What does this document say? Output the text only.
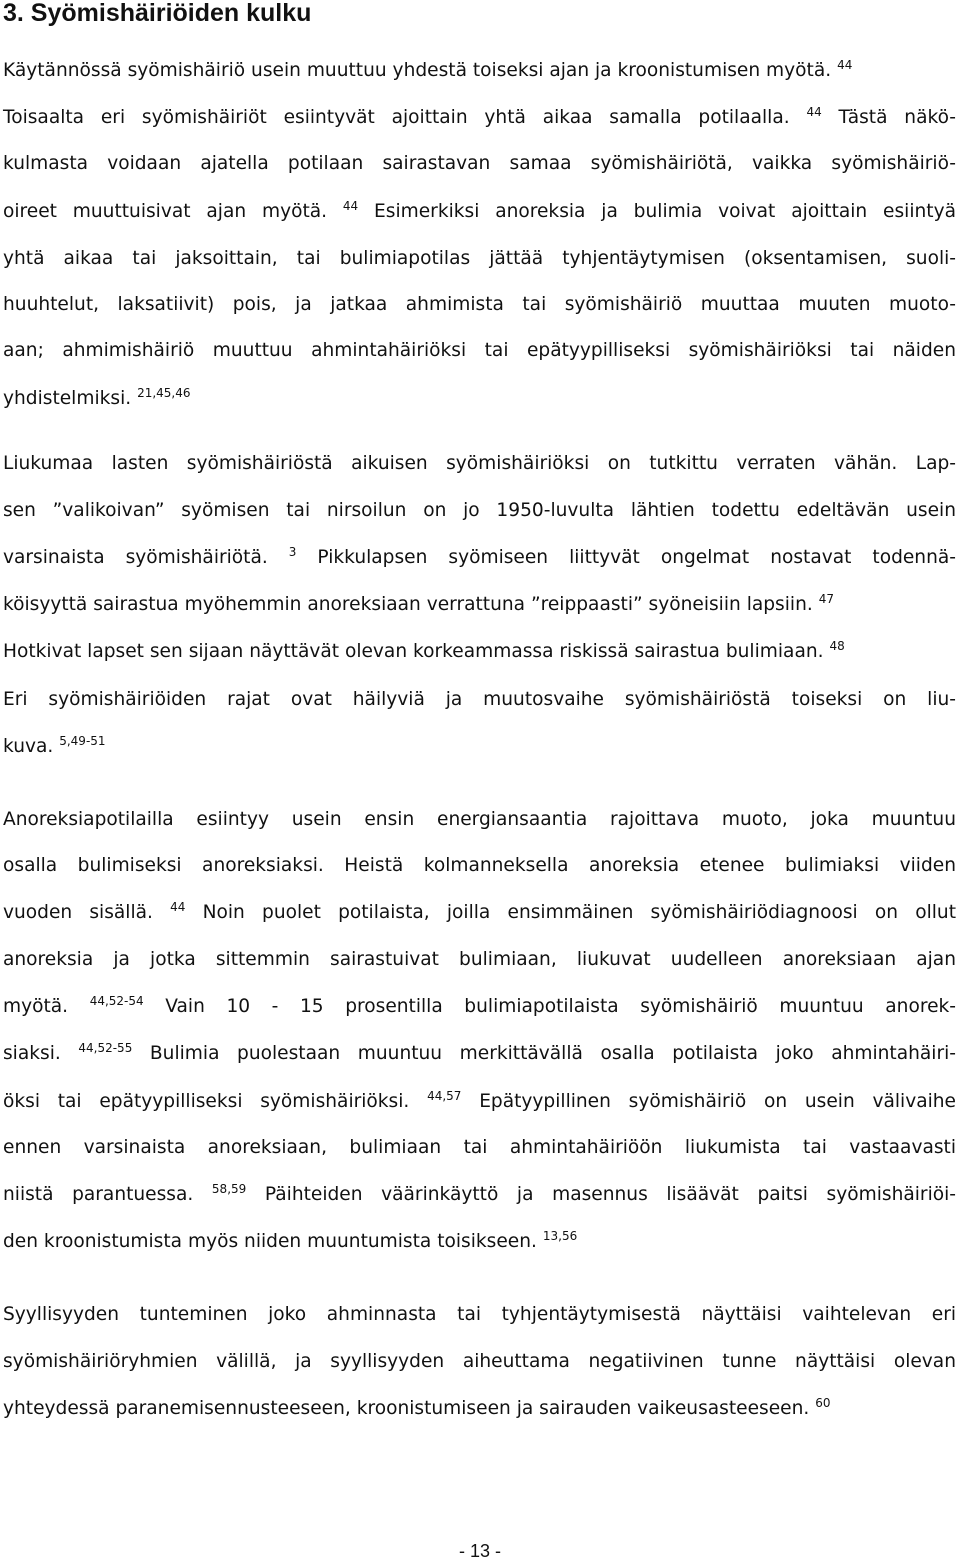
3. Syömishäiriöiden kulku
Käytännössä syömishäiriö usein muuttuu yhdestä toiseksi ajan ja kroonistumisen myötä. $^{44}$
Toisaalta eri syömishäiriöt esiintyvät ajoittain yhtä aikaa samalla potilaalla. $^{44}$ Tästä näkö-
kulmasta voidaan ajatella potilaan sairastavan samaa syömishäiriötä, vaikka syömishäiriö-
oireet muuttuisivat ajan myötä. $^{44}$ Esimerkiksi anoreksia ja bulimia voivat ajoittain esiintyä
yhtä aikaa tai jaksoittain, tai bulimiapotilas jättää tyhjentäytymisen (oksentamisen, suoli-
huuhtelut, laksatiivit) pois, ja jatkaa ahmimista tai syömishäiriö muuttaa muuten muoto-
aan; ahmimishäiriö muuttuu ahmintahäiriöksi tai epätyypilliseksi syömishäiriöksi tai näiden
yhdistelmiksi. $^{21,45,46}$
Liukumaa lasten syömishäiriöstä aikuisen syömishäiriöksi on tutkittu verraten vähän. Lap-
sen ”valikoivan” syömisen tai nirsoilun on jo 1950-luvulta lähtien todettu edeltävän usein
varsinaista syömishäiriötä. $^3$ Pikkulapsen syömiseen liittyvät ongelmat nostavat todennä-
köisyyttä sairastua myöhemmin anoreksiaan verrattuna ”reippaasti” syöneisiin lapsiin. $^{47}$
Hotkivat lapset sen sijaan näyttävät olevan korkeammassa riskissä sairastua bulimiaan. $^{48}$
Eri syömishäiriöiden rajat ovat häilyviä ja muutosvaihe syömishäiriöstä toiseksi on liu-
kuva. $^{5,49-51}$
Anoreksiapotilailla esiintyy usein ensin energiansaantia rajoittava muoto, joka muuntuu
osalla bulimiseksi anoreksiaksi. Heistä kolmanneksella anoreksia etenee bulimiaksi viiden
vuoden sisällä. $^{44}$ Noin puolet potilaista, joilla ensimmäinen syömishäiriödiagnoosi on ollut
anoreksia ja jotka sittemmin sairastuivat bulimiaan, liukuvat uudelleen anoreksiaan ajan
myötä. $^{44,52-54}$ Vain 10 - 15 prosentilla bulimiapotilaista syömishäiriö muuntuu anorek-
siaksi. $^{44,52-55}$ Bulimia puolestaan muuntuu merkittävällä osalla potilaista joko ahmintahäiri-
öksi tai epätyypilliseksi syömishäiriöksi. $^{44,57}$ Epätyypillinen syömishäiriö on usein välivaihe
ennen varsinaista anoreksiaan, bulimiaan tai ahmintahäiriöön liukumista tai vastaavasti
niistä parantuessa. $^{58,59}$ Päihteiden väärinkäyttö ja masennus lisäävät paitsi syömishäiriöi-
den kroonistumista myös niiden muuntumista toisikseen. $^{13,56}$
Syyllisyyden tunteminen joko ahminnasta tai tyhjentäytymisestä näyttäisi vaihtelevan eri
syömishäiriöryhmien välillä, ja syyllisyyden aiheuttama negatiivinen tunne näyttäisi olevan
yhteydessä paranemisennusteeseen, kroonistumiseen ja sairauden vaikeusasteeseen. $^{60}$
- 13 -
